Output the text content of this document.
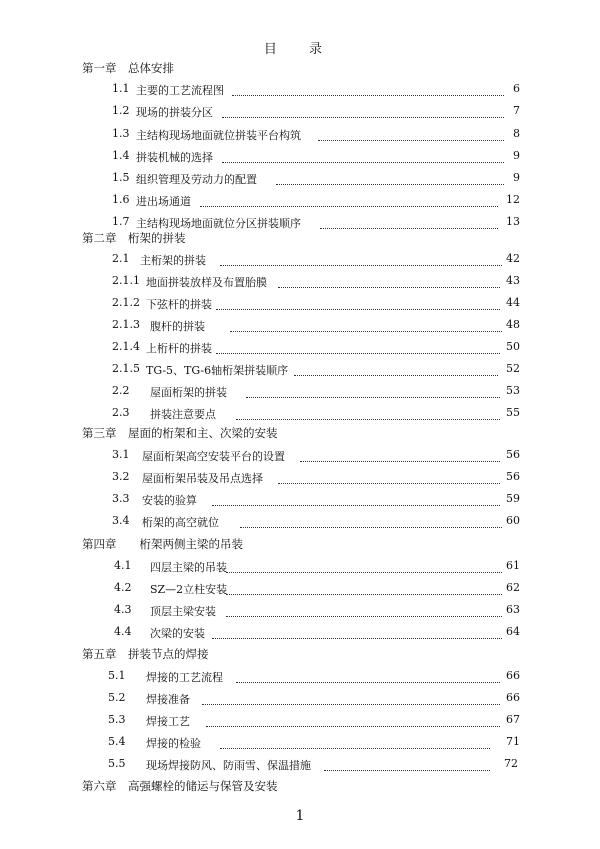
目 录
第一章　总体安排
1.1 主要的工艺流程图	6
1.2 现场的拼装分区	7
1.3 主结构现场地面就位拼装平台构筑	8
1.4 拼装机械的选择	9
1.5 组织管理及劳动力的配置	9
1.6 进出场通道	12
1.7 主结构现场地面就位分区拼装顺序	13
第二章　桁架的拼装
2.1 主桁架的拼装	42
2.1.1 地面拼装放样及布置胎膜	43
2.1.2 下弦杆的拼装	44
2.1.3 腹杆的拼装	48
2.1.4 上桁杆的拼装	50
2.1.5 TG-5、TG-6轴桁架拼装顺序	52
2.2 屋面桁架的拼装	53
2.3 拼装注意要点	55
第三章　屋面的桁架和主、次梁的安装
3.1 屋面桁架高空安装平台的设置	56
3.2 屋面桁架吊装及吊点选择	56
3.3 安装的验算	59
3.4 桁架的高空就位	60
第四章　　桁架两侧主梁的吊装
4.1 四层主梁的吊装	61
4.2 SZ—2立柱安装	62
4.3 顶层主梁安装	63
4.4 次梁的安装	64
第五章　拼装节点的焊接
5.1 焊接的工艺流程	66
5.2 焊接准备	66
5.3 焊接工艺	67
5.4 焊接的检验	71
5.5 现场焊接防风、防雨雪、保温措施	72
第六章　高强螺栓的储运与保管及安装
1
